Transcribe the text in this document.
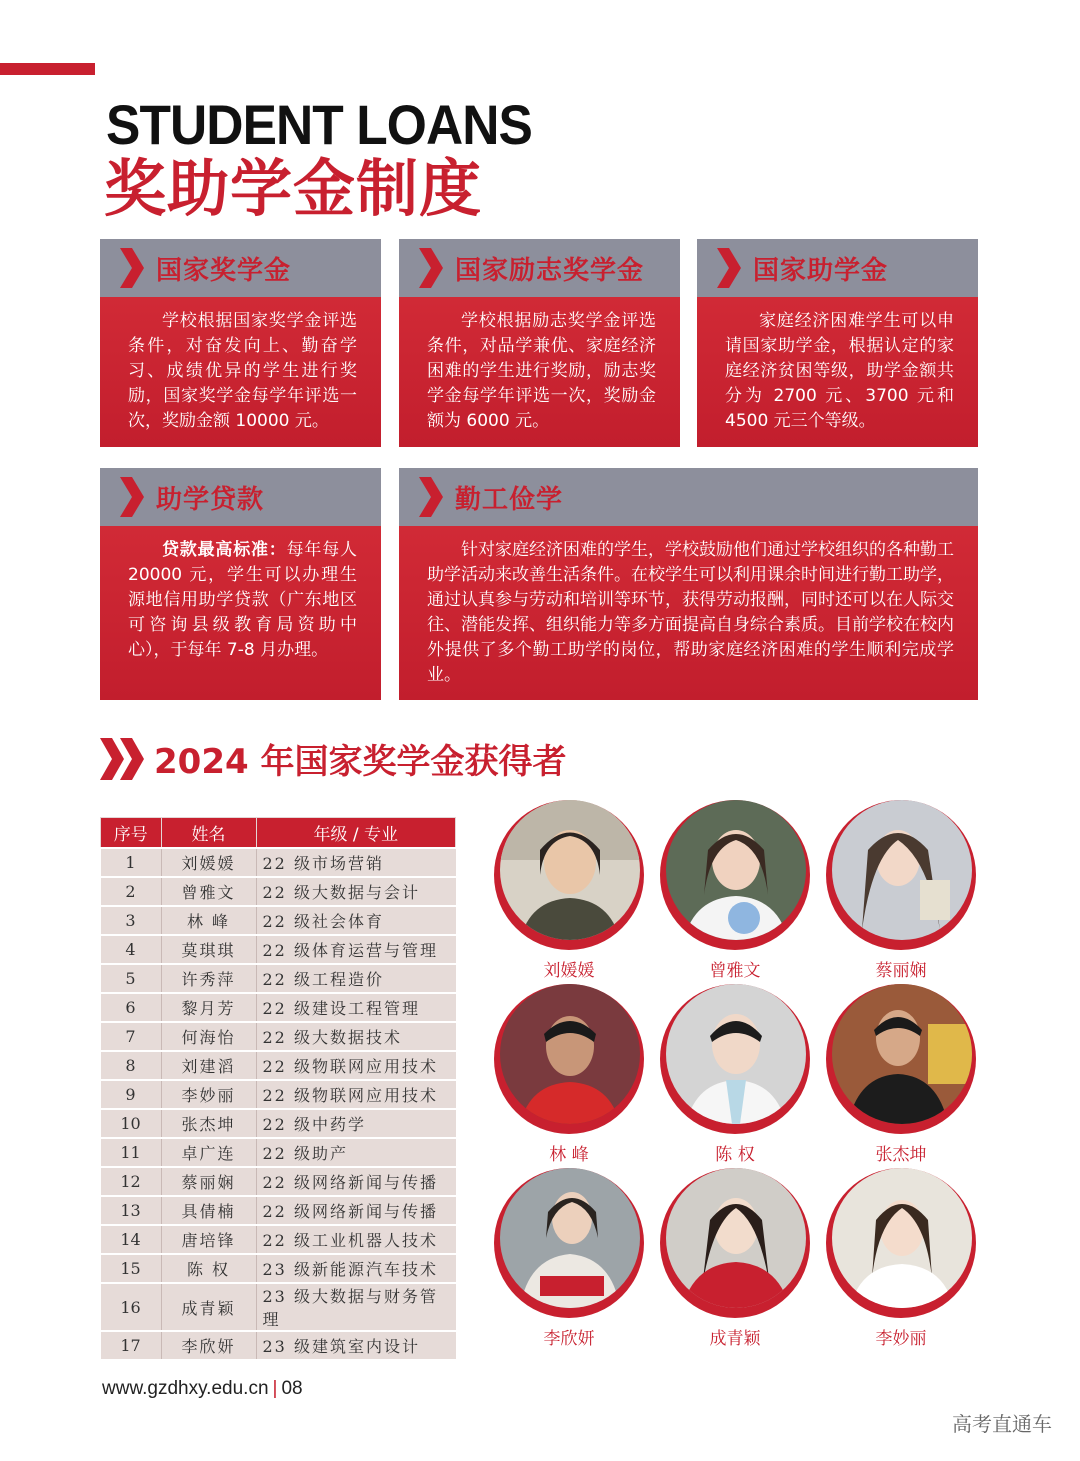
STUDENT LOANS
奖助学金制度
国家奖学金
学校根据国家奖学金评选条件，对奋发向上、勤奋学习、成绩优异的学生进行奖励，国家奖学金每学年评选一次，奖励金额 10000 元。
国家励志奖学金
学校根据励志奖学金评选条件，对品学兼优、家庭经济困难的学生进行奖励，励志奖学金每学年评选一次，奖励金额为 6000 元。
国家助学金
家庭经济困难学生可以申请国家助学金，根据认定的家庭经济贫困等级，助学金额共分为 2700 元、3700 元和 4500 元三个等级。
助学贷款
贷款最高标准：每年每人 20000 元，学生可以办理生源地信用助学贷款（广东地区可咨询县级教育局资助中心），于每年 7-8 月办理。
勤工俭学
针对家庭经济困难的学生，学校鼓励他们通过学校组织的各种勤工助学活动来改善生活条件。在校学生可以利用课余时间进行勤工助学，通过认真参与劳动和培训等环节，获得劳动报酬，同时还可以在人际交往、潜能发挥、组织能力等多方面提高自身综合素质。目前学校在校内外提供了多个勤工助学的岗位，帮助家庭经济困难的学生顺利完成学业。
2024 年国家奖学金获得者
序号	姓名	年级 / 专业
1	刘媛媛	22 级市场营销
2	曾雅文	22 级大数据与会计
3	林 峰	22 级社会体育
4	莫琪琪	22 级体育运营与管理
5	许秀萍	22 级工程造价
6	黎月芳	22 级建设工程管理
7	何海怡	22 级大数据技术
8	刘建滔	22 级物联网应用技术
9	李妙丽	22 级物联网应用技术
10	张杰坤	22 级中药学
11	卓广连	22 级助产
12	蔡丽娴	22 级网络新闻与传播
13	具倩楠	22 级网络新闻与传播
14	唐培锋	22 级工业机器人技术
15	陈 权	23 级新能源汽车技术
16	成青颖	23 级大数据与财务管理
17	李欣妍	23 级建筑室内设计
刘媛媛	曾雅文	蔡丽娴
林 峰	陈 权	张杰坤
李欣妍	成青颖	李妙丽
www.gzdhxy.edu.cn | 08
高考直通车
